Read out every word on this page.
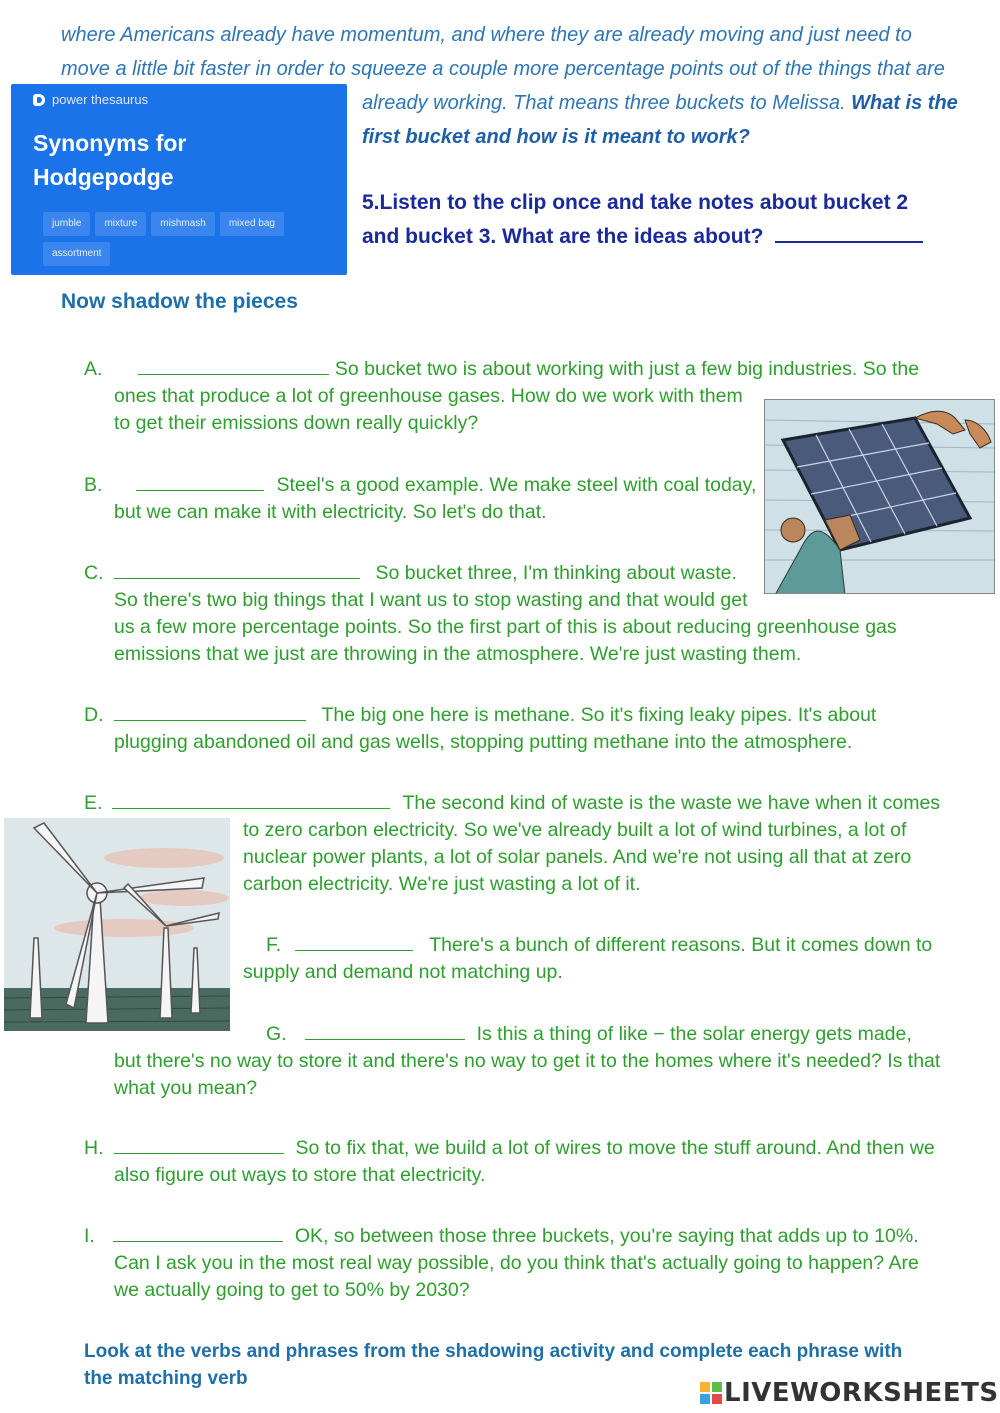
where Americans already have momentum, and where they are already moving and just need to
move a little bit faster in order to squeeze a couple more percentage points out of the things that are
already working. That means three buckets to Melissa. What is the
first bucket and how is it meant to work?
5.Listen to the clip once and take notes about bucket 2
and bucket 3. What are the ideas about?
power thesaurus
Synonyms for Hodgepodge
jumble	mixture	mishmash	mixed bag
assortment
Now shadow the pieces
A.	So bucket two is about working with just a few big industries. So the
ones that produce a lot of greenhouse gases. How do we work with them
to get their emissions down really quickly?
B.	Steel's a good example. We make steel with coal today,
but we can make it with electricity. So let's do that.
C.	So bucket three, I'm thinking about waste.
So there's two big things that I want us to stop wasting and that would get
us a few more percentage points. So the first part of this is about reducing greenhouse gas
emissions that we just are throwing in the atmosphere. We're just wasting them.
D.	The big one here is methane. So it's fixing leaky pipes. It's about
plugging abandoned oil and gas wells, stopping putting methane into the atmosphere.
E.	The second kind of waste is the waste we have when it comes
to zero carbon electricity. So we've already built a lot of wind turbines, a lot of
nuclear power plants, a lot of solar panels. And we're not using all that at zero
carbon electricity. We're just wasting a lot of it.
F.	There's a bunch of different reasons. But it comes down to
supply and demand not matching up.
G.	Is this a thing of like − the solar energy gets made,
but there's no way to store it and there's no way to get it to the homes where it's needed? Is that
what you mean?
H.	So to fix that, we build a lot of wires to move the stuff around. And then we
also figure out ways to store that electricity.
I.	OK, so between those three buckets, you're saying that adds up to 10%.
Can I ask you in the most real way possible, do you think that's actually going to happen? Are
we actually going to get to 50% by 2030?
Look at the verbs and phrases from the shadowing activity and complete each phrase with the matching verb	LIVEWORKSHEETS
